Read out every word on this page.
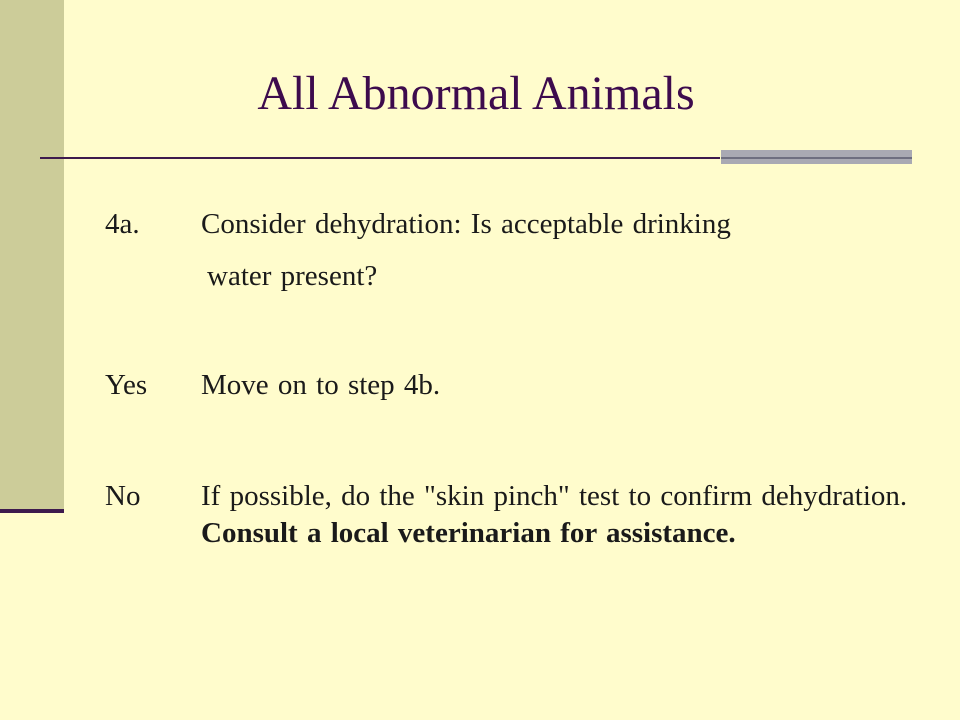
All Abnormal Animals
4a. Consider dehydration: Is acceptable drinking
water present?
Yes Move on to step 4b.
No If possible, do the "skin pinch" test to confirm dehydration. Consult a local veterinarian for assistance.
